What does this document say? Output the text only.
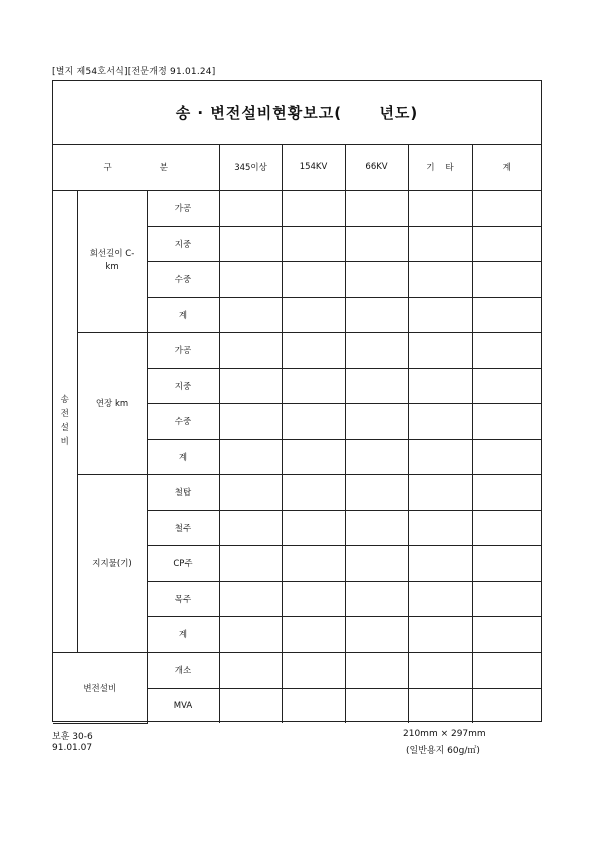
[별지 제54호서식][전문개정 91.01.24]
송 · 변전설비현황보고(      년도)
구 분			345이상	154KV	66KV	기    타	계
송전설비	회선길이 C-km	가공					
		지중					
		수중					
		계					
	연장 km	가공					
		지중					
		수중					
		계					
	지지물(기)	철탑					
		철주					
		CP주					
		목주					
		계					
변전설비		개소					
		MVA					
보훈 30-6
91.01.07
210mm × 297mm
(일반용지 60g/㎡)
